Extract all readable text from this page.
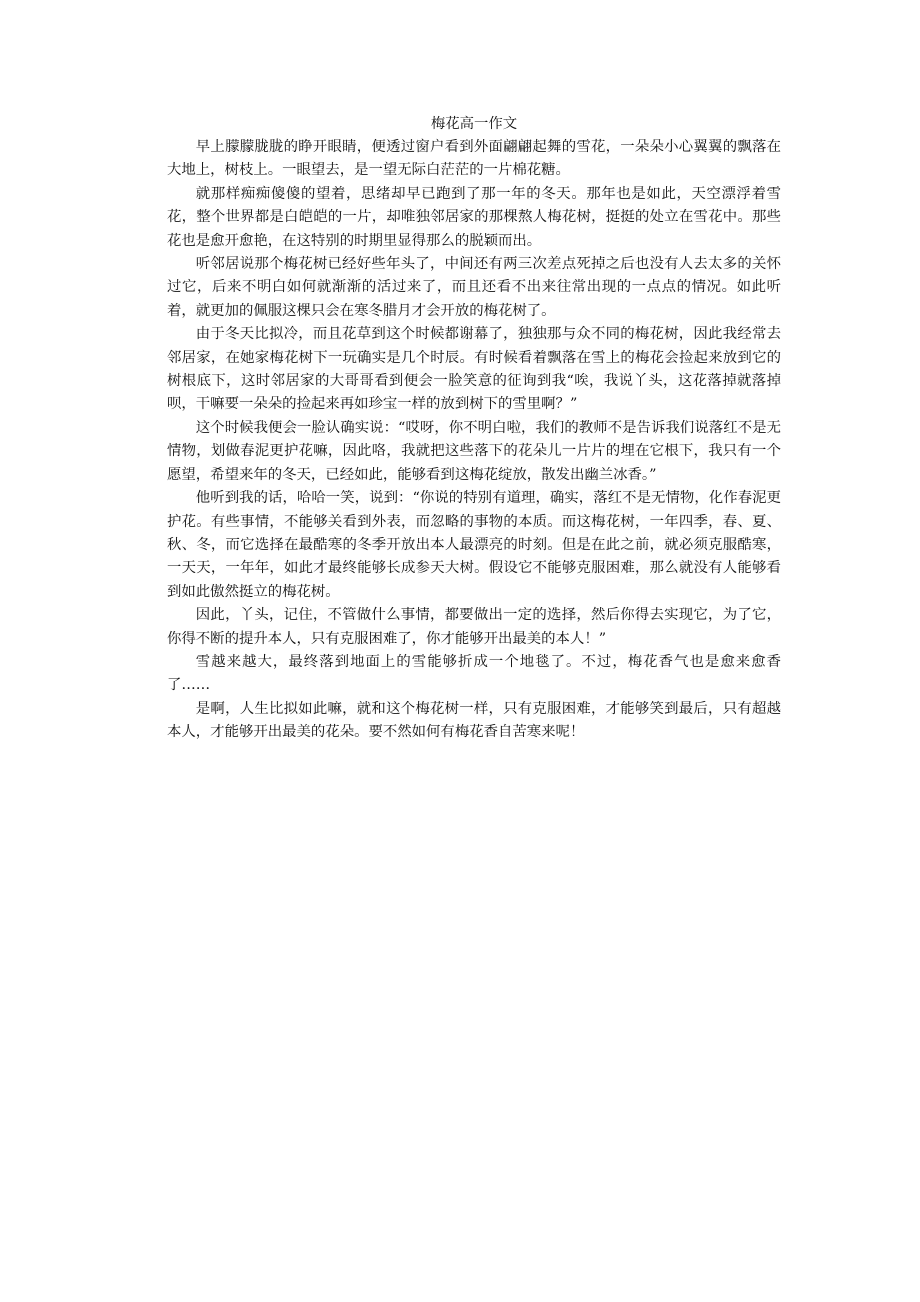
梅花高一作文

早上朦朦胧胧的睁开眼睛，便透过窗户看到外面翩翩起舞的雪花，一朵朵小心翼翼的飘落在大地上，树枝上。一眼望去，是一望无际白茫茫的一片棉花糖。

就那样痴痴傻傻的望着，思绪却早已跑到了那一年的冬天。那年也是如此，天空漂浮着雪花，整个世界都是白皑皑的一片，却唯独邻居家的那棵熬人梅花树，挺挺的处立在雪花中。那些花也是愈开愈艳，在这特别的时期里显得那么的脱颖而出。

听邻居说那个梅花树已经好些年头了，中间还有两三次差点死掉之后也没有人去太多的关怀过它，后来不明白如何就渐渐的活过来了，而且还看不出来往常出现的一点点的情况。如此听着，就更加的佩服这棵只会在寒冬腊月才会开放的梅花树了。

由于冬天比拟冷，而且花草到这个时候都谢幕了，独独那与众不同的梅花树，因此我经常去邻居家，在她家梅花树下一玩确实是几个时辰。有时候看着飘落在雪上的梅花会捡起来放到它的树根底下，这时邻居家的大哥哥看到便会一脸笑意的征询到我“唉，我说丫头，这花落掉就落掉呗，干嘛要一朵朵的捡起来再如珍宝一样的放到树下的雪里啊？”

这个时候我便会一脸认确实说：“哎呀，你不明白啦，我们的教师不是告诉我们说落红不是无情物，划做春泥更护花嘛，因此咯，我就把这些落下的花朵儿一片片的埋在它根下，我只有一个愿望，希望来年的冬天，已经如此，能够看到这梅花绽放，散发出幽兰冰香。”

他听到我的话，哈哈一笑，说到：“你说的特别有道理，确实，落红不是无情物，化作春泥更护花。有些事情，不能够关看到外表，而忽略的事物的本质。而这梅花树，一年四季，春、夏、秋、冬，而它选择在最酷寒的冬季开放出本人最漂亮的时刻。但是在此之前，就必须克服酷寒，一天天，一年年，如此才最终能够长成参天大树。假设它不能够克服困难，那么就没有人能够看到如此傲然挺立的梅花树。

因此，丫头，记住，不管做什么事情，都要做出一定的选择，然后你得去实现它，为了它，你得不断的提升本人，只有克服困难了，你才能够开出最美的本人！”

雪越来越大，最终落到地面上的雪能够折成一个地毯了。不过，梅花香气也是愈来愈香了……

是啊，人生比拟如此嘛，就和这个梅花树一样，只有克服困难，才能够笑到最后，只有超越本人，才能够开出最美的花朵。要不然如何有梅花香自苦寒来呢！
